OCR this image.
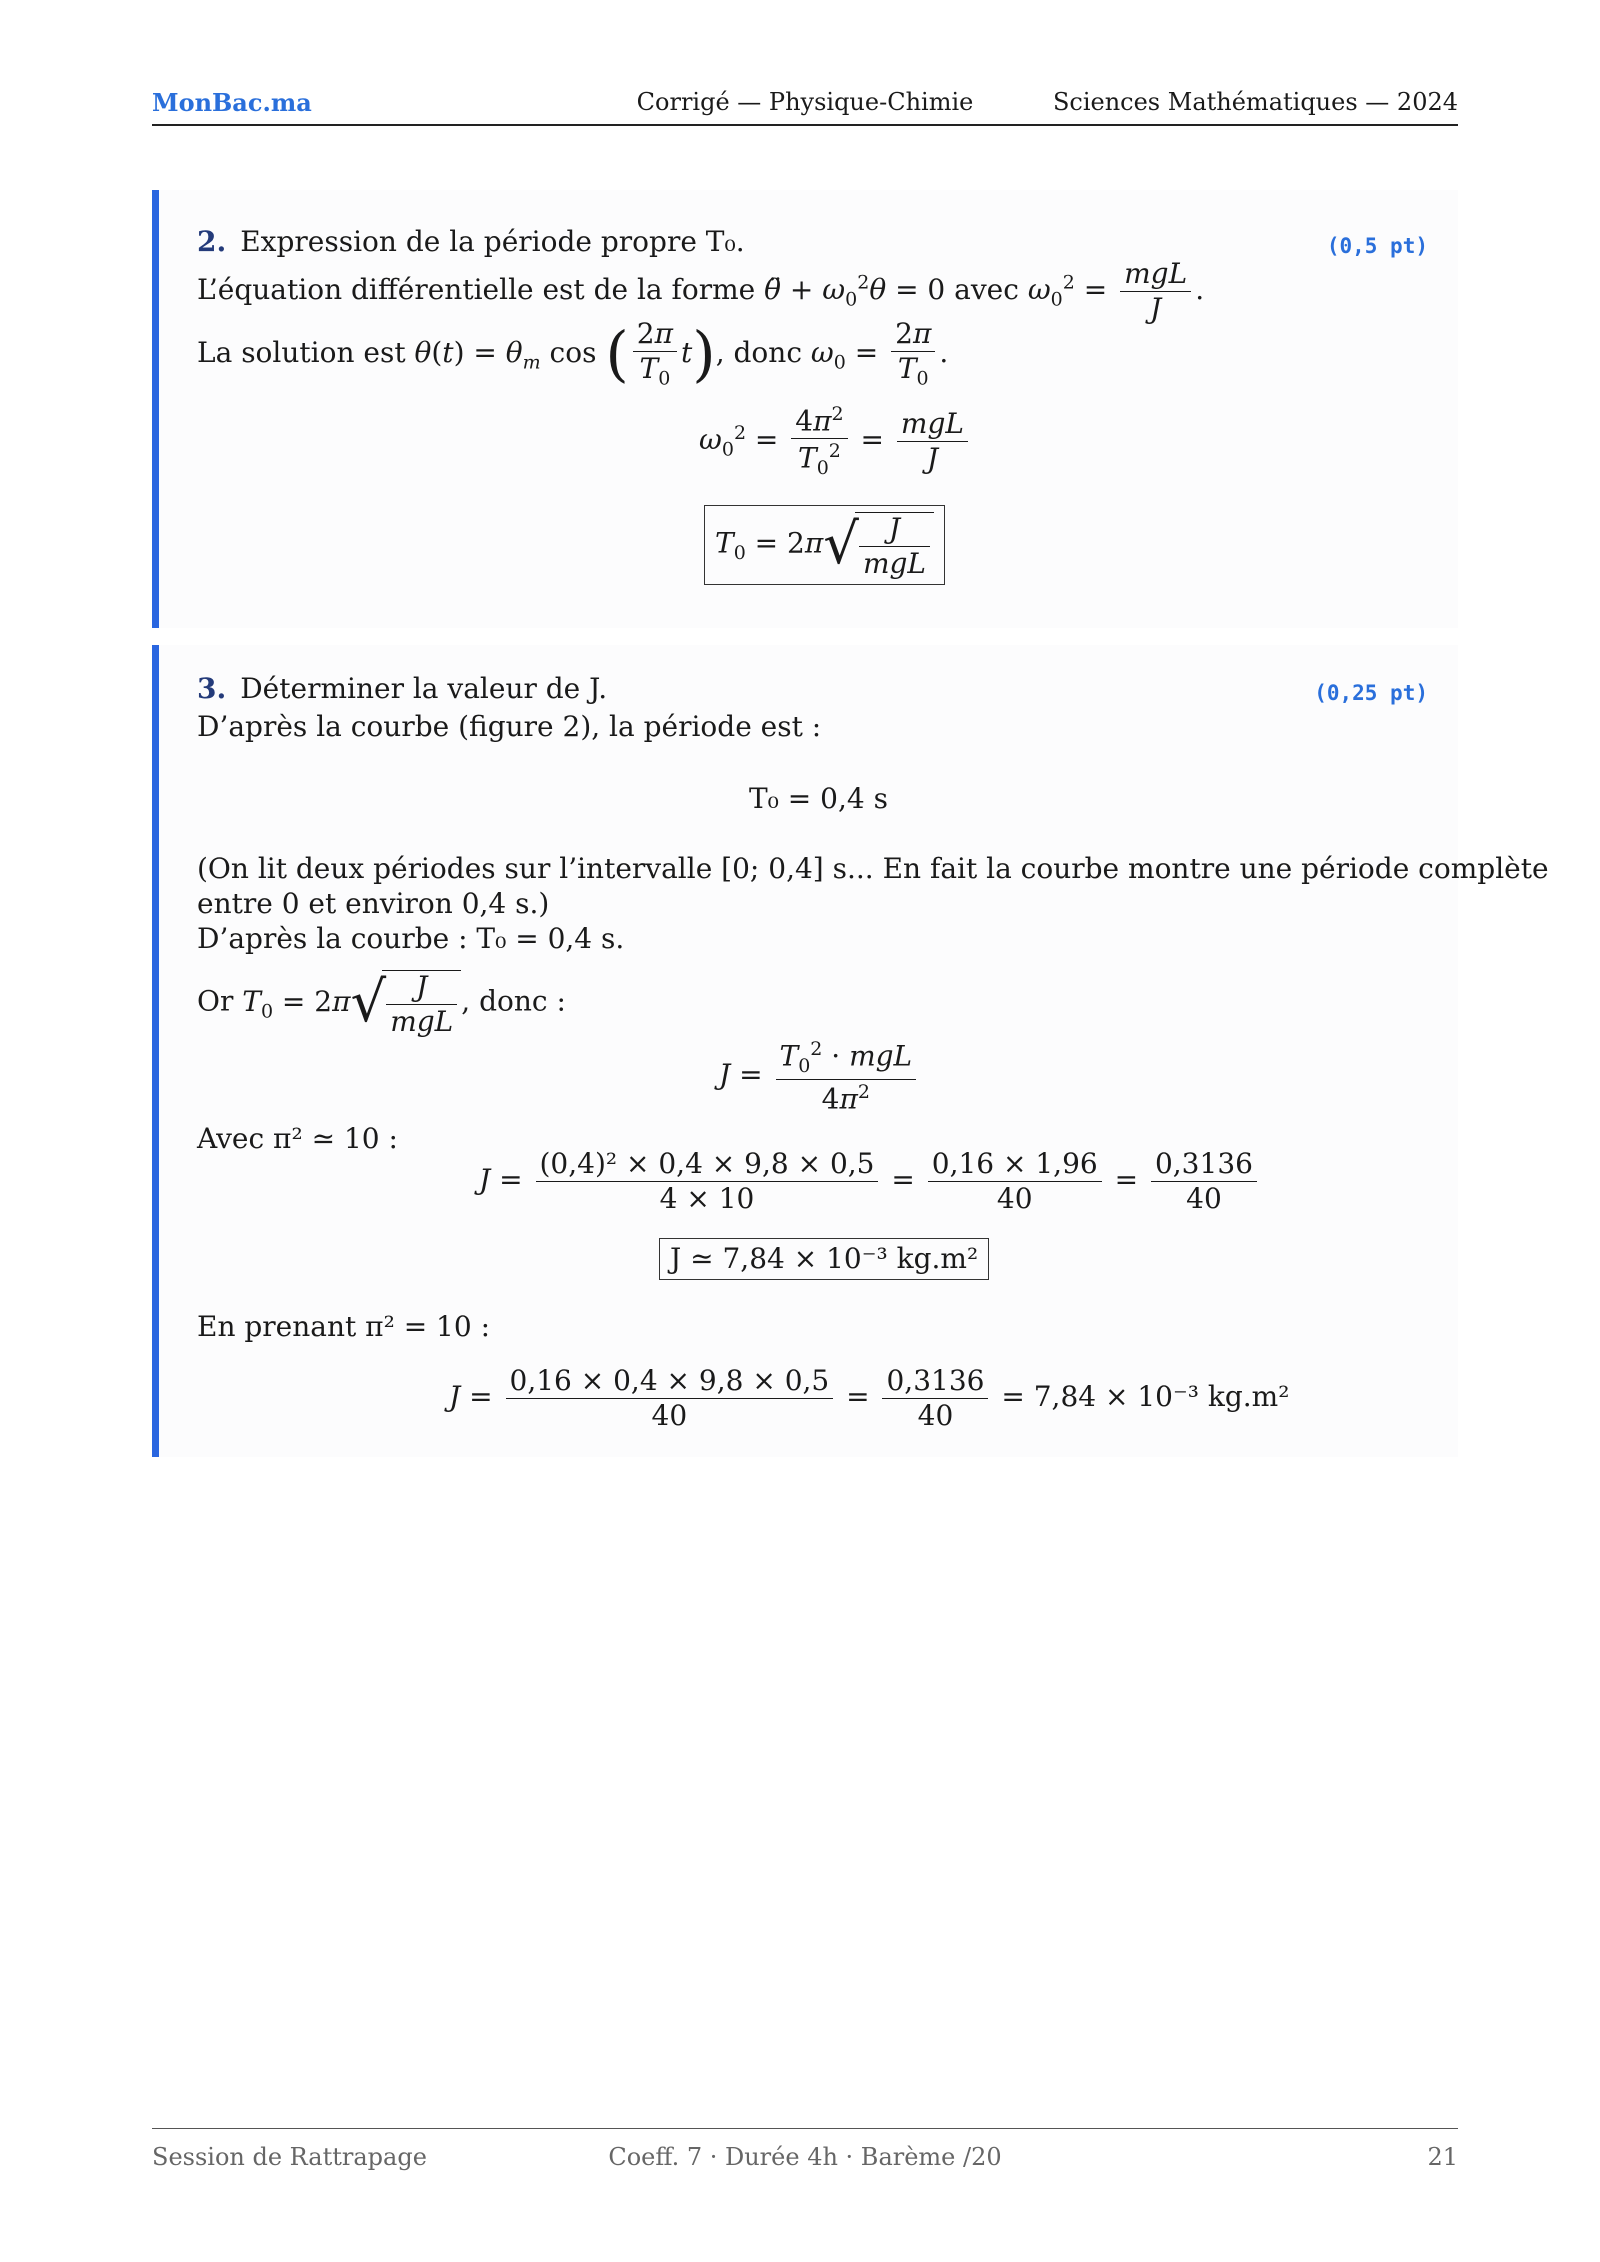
MonBac.ma	Corrigé — Physique-Chimie	Sciences Mathématiques — 2024
2. Expression de la période propre T₀.	(0,5 pt)
L’équation différentielle est de la forme θ̈ + $\omega_0^2\theta = 0$ avec $\omega_0^2 = \frac{\text{mgL}}{J}$ .
La solution est $\theta(t) = \theta_m$ cos ( $\frac{2\pi}{T_0} t$), donc $\omega_0 = \frac{2\pi}{T_0}$ .
$\omega_0^2 = \frac{4\pi^2}{T_0^2} = \frac{\text{mgL}}{J}$
$T_0 = 2\pi√ \frac{J}{\text{mgL}}$
3. Déterminer la valeur de J.	(0,25 pt)
D’après la courbe (figure 2), la période est :
T₀ = 0,4 s
(On lit deux périodes sur l’intervalle [0; 0,4] s... En fait la courbe montre une période complète
entre 0 et environ 0,4 s.)
D’après la courbe : T₀ = 0,4 s.
Or $T_0 = 2\pi√ \frac{J}{\text{mgL}}$ , donc :
$J = \frac{T_0^2 \cdot mgL}{4\pi^2}$
Avec π² ≃ 10 :
$J = \frac{\text{(0,4)² × 0,4 × 9,8 × 0,5}}{4 \times 10} = \frac{0,16 \times 1,96}{40} = \frac{0,3136}{40}$
J ≃ 7,84 × 10⁻³ kg.m²
En prenant π² = 10 :
$J = \frac{0,16 \times 0,4 \times 9,8 \times 0,5}{40} = \frac{0,3136}{40} = 7,84 \times 10^{-3}$ kg.m²
Session de Rattrapage	Coeff. 7 · Durée 4h · Barème /20	21
